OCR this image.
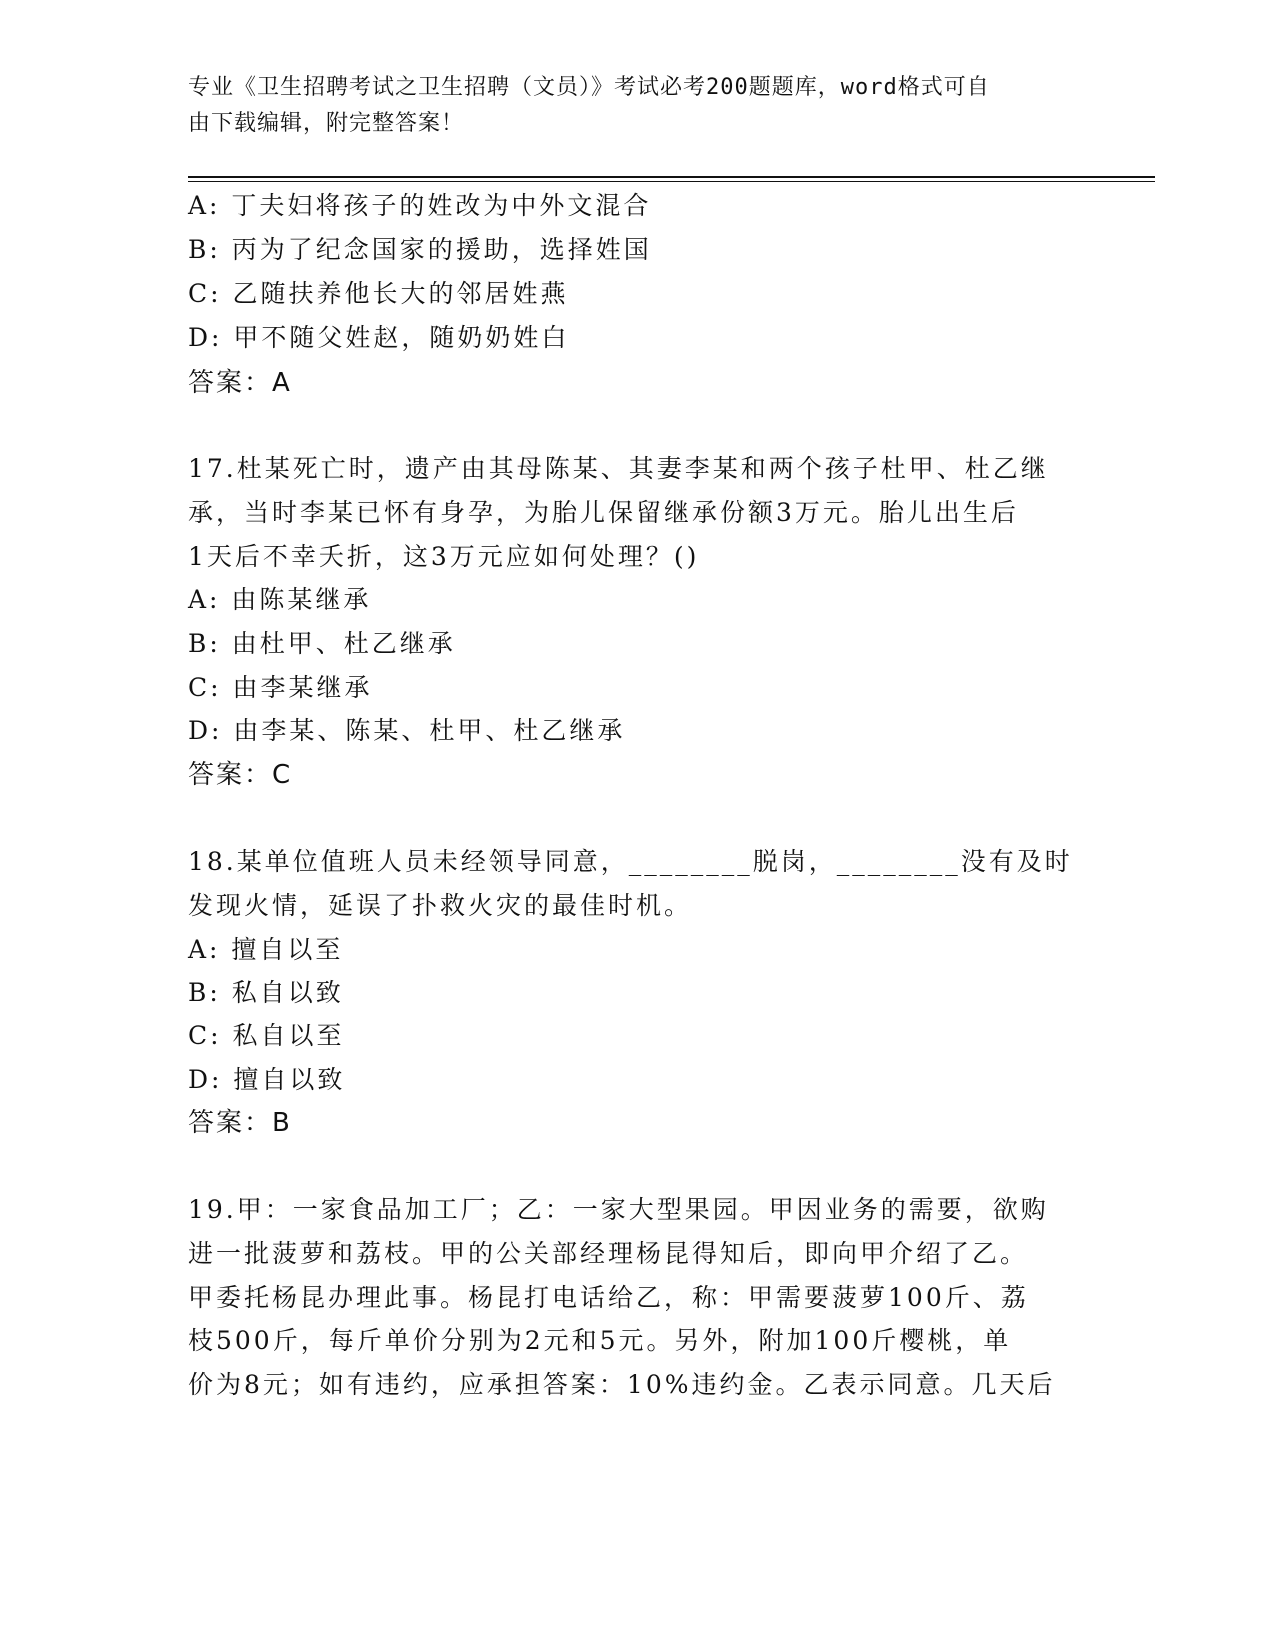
专业《卫生招聘考试之卫生招聘（文员）》考试必考200题题库，word格式可自
由下载编辑，附完整答案！
A: 丁夫妇将孩子的姓改为中外文混合
B: 丙为了纪念国家的援助，选择姓国
C: 乙随扶养他长大的邻居姓燕
D: 甲不随父姓赵，随奶奶姓白
答案：A
17.杜某死亡时，遗产由其母陈某、其妻李某和两个孩子杜甲、杜乙继
承，当时李某已怀有身孕，为胎儿保留继承份额3万元。胎儿出生后
1天后不幸夭折，这3万元应如何处理？()
A: 由陈某继承
B: 由杜甲、杜乙继承
C: 由李某继承
D: 由李某、陈某、杜甲、杜乙继承
答案：C
18.某单位值班人员未经领导同意，________脱岗，________没有及时
发现火情，延误了扑救火灾的最佳时机。
A: 擅自以至
B: 私自以致
C: 私自以至
D: 擅自以致
答案：B
19.甲：一家食品加工厂；乙：一家大型果园。甲因业务的需要，欲购
进一批菠萝和荔枝。甲的公关部经理杨昆得知后，即向甲介绍了乙。
甲委托杨昆办理此事。杨昆打电话给乙，称：甲需要菠萝100斤、荔
枝500斤，每斤单价分别为2元和5元。另外，附加100斤樱桃，单
价为8元；如有违约，应承担答案：10%违约金。乙表示同意。几天后
